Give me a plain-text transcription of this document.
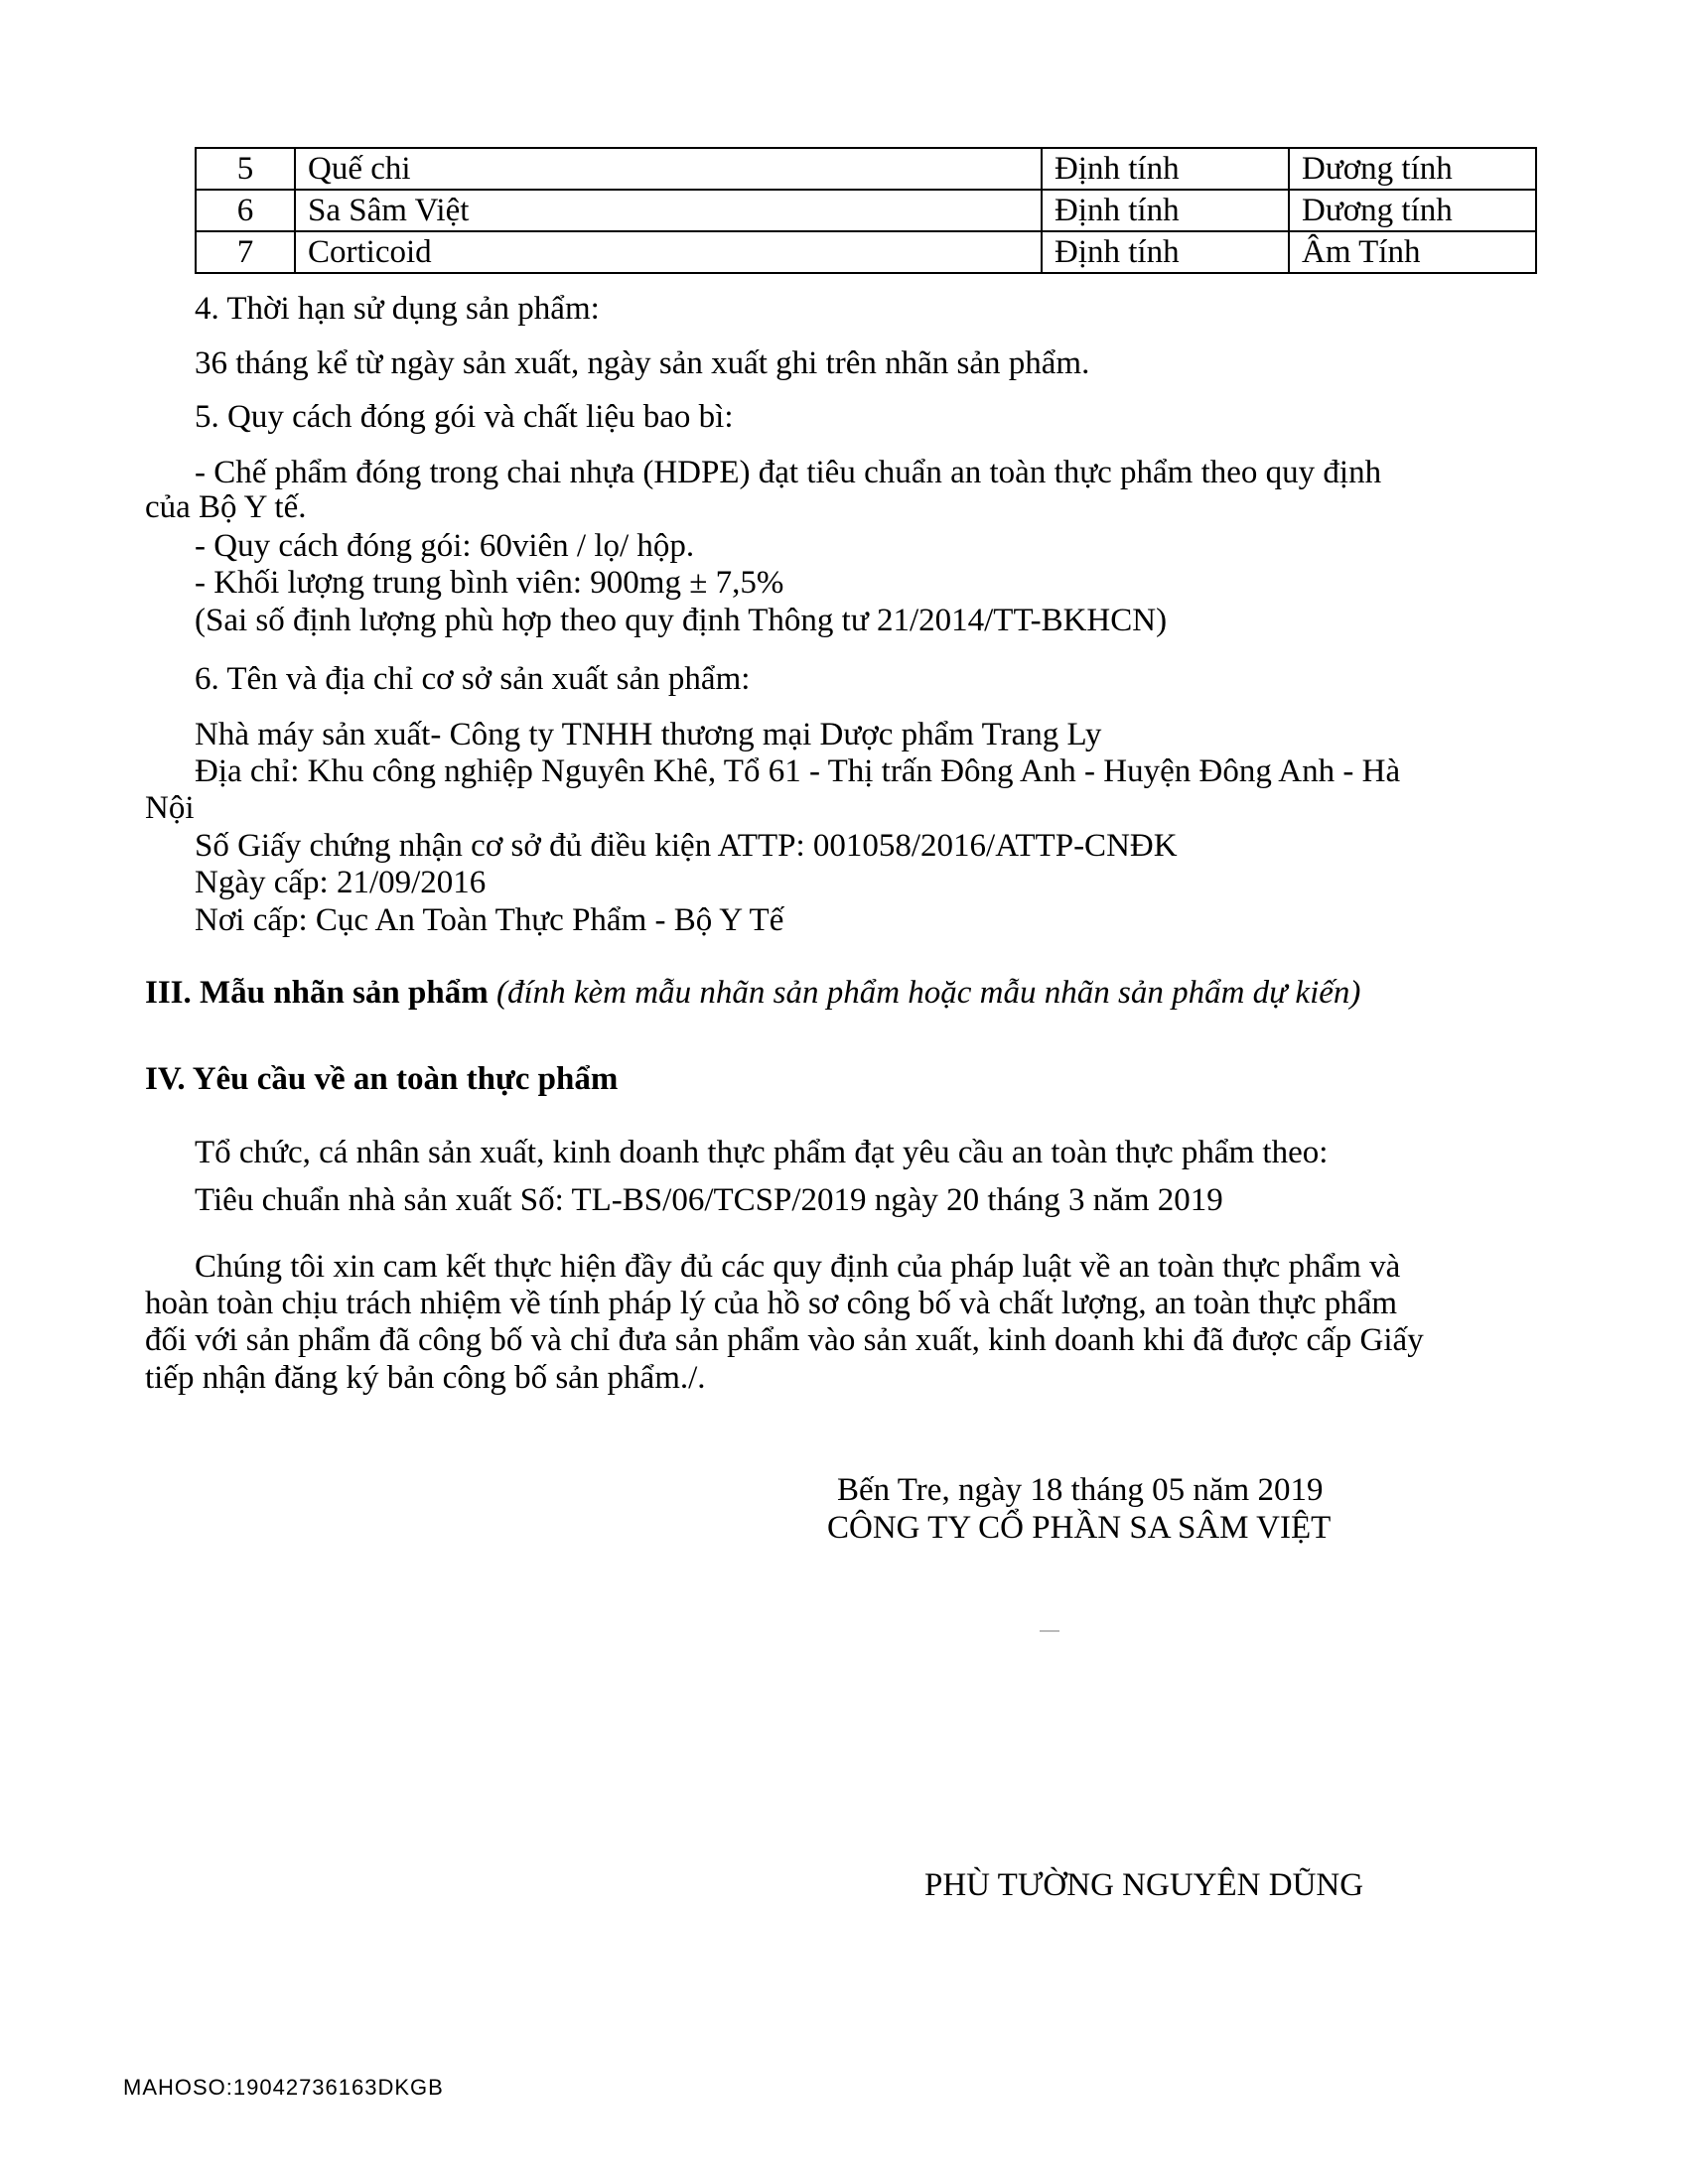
5	Quế chi	Định tính	Dương tính
6	Sa Sâm Việt	Định tính	Dương tính
7	Corticoid	Định tính	Âm Tính
4. Thời hạn sử dụng sản phẩm:
36 tháng kể từ ngày sản xuất, ngày sản xuất ghi trên nhãn sản phẩm.
5. Quy cách đóng gói và chất liệu bao bì:
- Chế phẩm đóng trong chai nhựa (HDPE) đạt tiêu chuẩn an toàn thực phẩm theo quy định
của Bộ Y tế.
- Quy cách đóng gói: 60viên / lọ/ hộp.
- Khối lượng trung bình viên: 900mg ± 7,5%
(Sai số định lượng phù hợp theo quy định Thông tư 21/2014/TT-BKHCN)
6. Tên và địa chỉ cơ sở sản xuất sản phẩm:
Nhà máy sản xuất- Công ty TNHH thương mại Dược phẩm Trang Ly
Địa chỉ: Khu công nghiệp Nguyên Khê, Tổ 61 - Thị trấn Đông Anh - Huyện Đông Anh - Hà
Nội
Số Giấy chứng nhận cơ sở đủ điều kiện ATTP: 001058/2016/ATTP-CNĐK
Ngày cấp: 21/09/2016
Nơi cấp: Cục An Toàn Thực Phẩm - Bộ Y Tế
III. Mẫu nhãn sản phẩm (đính kèm mẫu nhãn sản phẩm hoặc mẫu nhãn sản phẩm dự kiến)
IV. Yêu cầu về an toàn thực phẩm
Tổ chức, cá nhân sản xuất, kinh doanh thực phẩm đạt yêu cầu an toàn thực phẩm theo:
Tiêu chuẩn nhà sản xuất Số: TL-BS/06/TCSP/2019 ngày 20 tháng 3 năm 2019
Chúng tôi xin cam kết thực hiện đầy đủ các quy định của pháp luật về an toàn thực phẩm và
hoàn toàn chịu trách nhiệm về tính pháp lý của hồ sơ công bố và chất lượng, an toàn thực phẩm
đối với sản phẩm đã công bố và chỉ đưa sản phẩm vào sản xuất, kinh doanh khi đã được cấp Giấy
tiếp nhận đăng ký bản công bố sản phẩm./.
Bến Tre, ngày 18 tháng 05 năm 2019
CÔNG TY CỔ PHẦN SA SÂM VIỆT
PHÙ TƯỜNG NGUYÊN DŨNG
MAHOSO:19042736163DKGB
